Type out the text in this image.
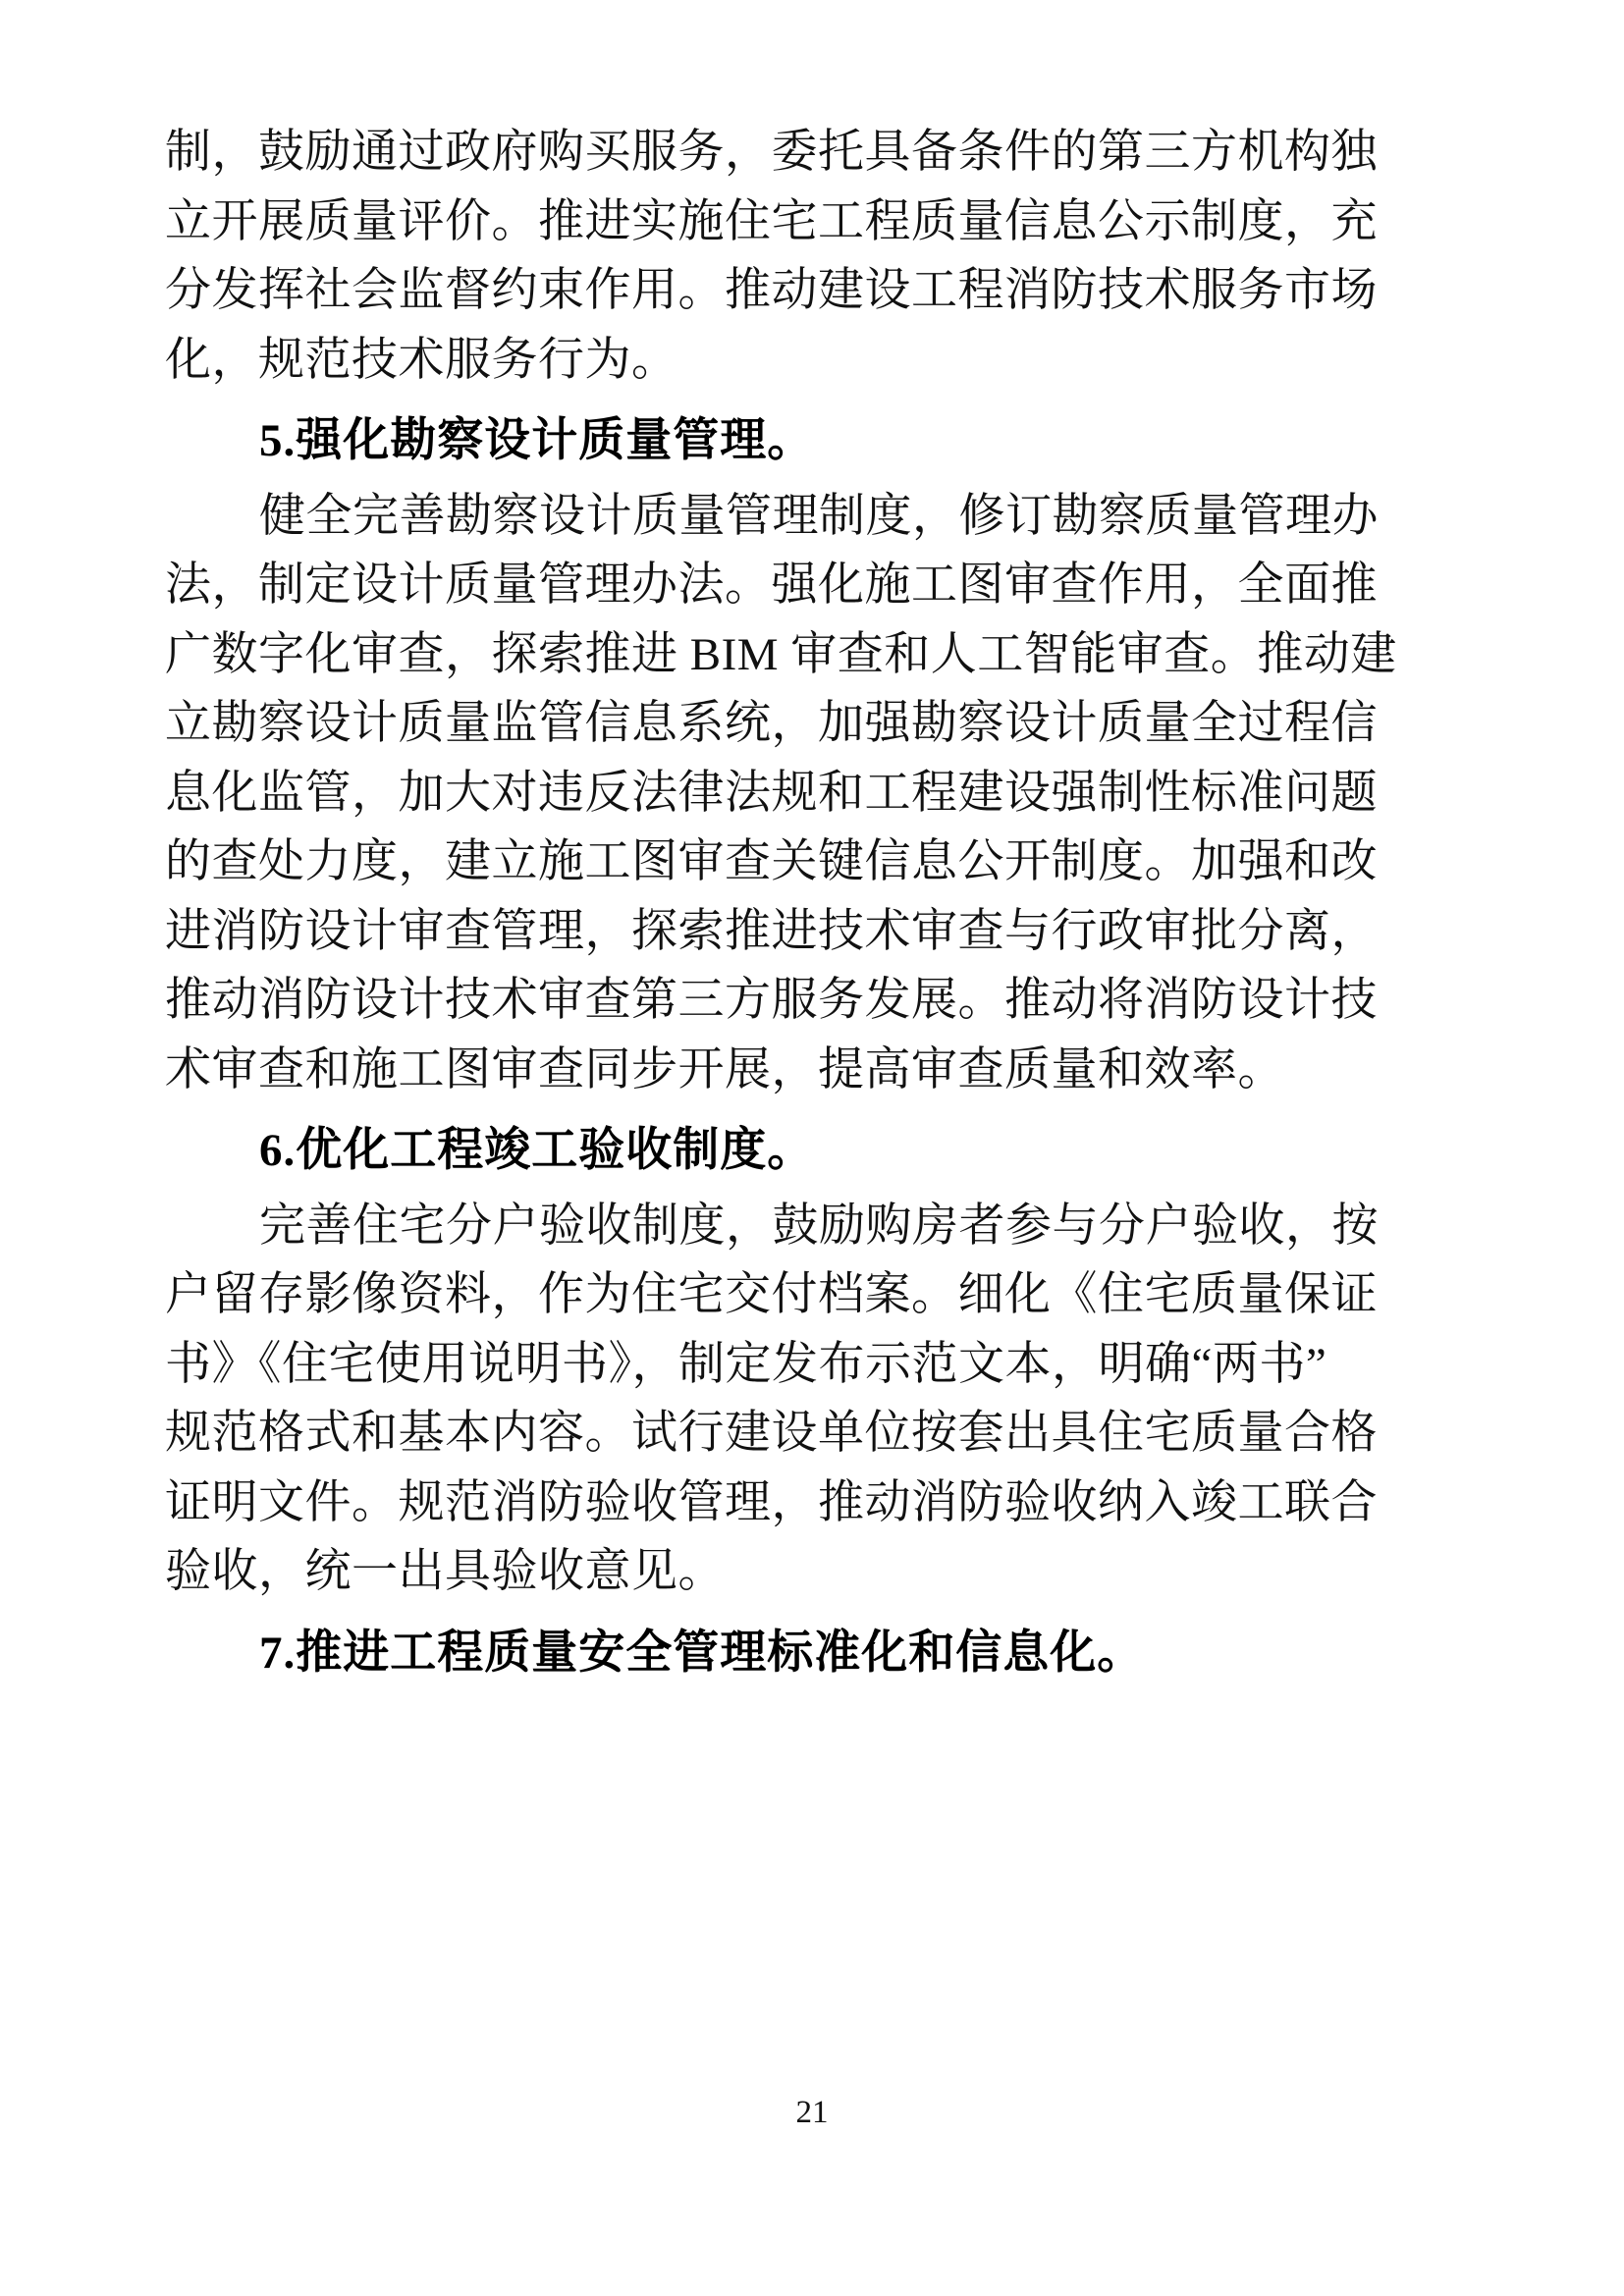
制，鼓励通过政府购买服务，委托具备条件的第三方机构独
立开展质量评价。推进实施住宅工程质量信息公示制度，充
分发挥社会监督约束作用。推动建设工程消防技术服务市场
化，规范技术服务行为。
5.强化勘察设计质量管理。
健全完善勘察设计质量管理制度，修订勘察质量管理办
法，制定设计质量管理办法。强化施工图审查作用，全面推
广数字化审查，探索推进 BIM 审查和人工智能审查。推动建
立勘察设计质量监管信息系统，加强勘察设计质量全过程信
息化监管，加大对违反法律法规和工程建设强制性标准问题
的查处力度，建立施工图审查关键信息公开制度。加强和改
进消防设计审查管理，探索推进技术审查与行政审批分离，
推动消防设计技术审查第三方服务发展。推动将消防设计技
术审查和施工图审查同步开展，提高审查质量和效率。
6.优化工程竣工验收制度。
完善住宅分户验收制度，鼓励购房者参与分户验收，按
户留存影像资料，作为住宅交付档案。细化《住宅质量保证
书》《住宅使用说明书》，制定发布示范文本，明确“两书”
规范格式和基本内容。试行建设单位按套出具住宅质量合格
证明文件。规范消防验收管理，推动消防验收纳入竣工联合
验收，统一出具验收意见。
7.推进工程质量安全管理标准化和信息化。
21
